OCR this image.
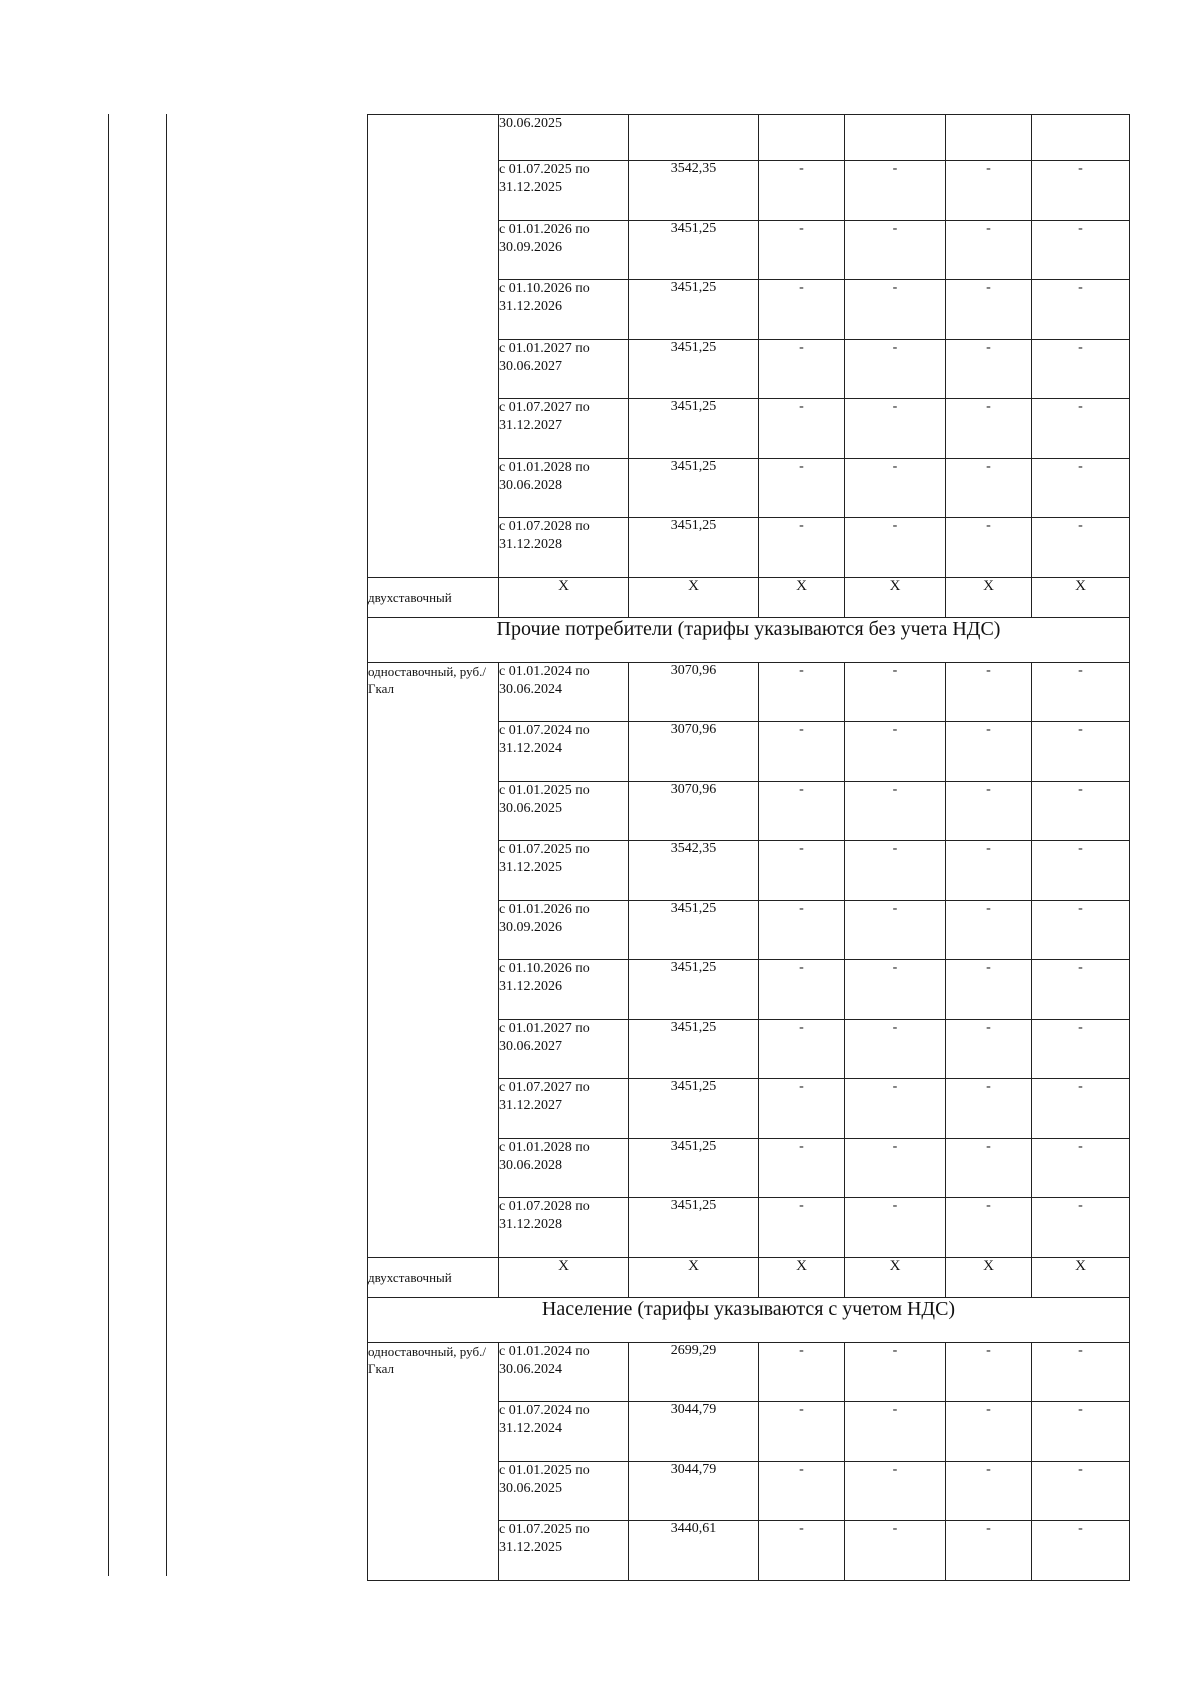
	30.06.2025					

с 01.07.2025 по
31.12.2025	3542,35	-	-	-	-

с 01.01.2026 по
30.09.2026	3451,25	-	-	-	-

с 01.10.2026 по
31.12.2026	3451,25	-	-	-	-

с 01.01.2027 по
30.06.2027	3451,25	-	-	-	-

с 01.07.2027 по
31.12.2027	3451,25	-	-	-	-

с 01.01.2028 по
30.06.2028	3451,25	-	-	-	-

с 01.07.2028 по
31.12.2028	3451,25	-	-	-	-
двухставочный	X	X	X	X	X	X
Прочие потребители (тарифы указываются без учета НДС)						
одноставочный, руб./Гкал	с 01.01.2024 по
30.06.2024	3070,96	-	-	-	-

с 01.07.2024 по
31.12.2024	3070,96	-	-	-	-

с 01.01.2025 по
30.06.2025	3070,96	-	-	-	-

с 01.07.2025 по
31.12.2025	3542,35	-	-	-	-

с 01.01.2026 по
30.09.2026	3451,25	-	-	-	-

с 01.10.2026 по
31.12.2026	3451,25	-	-	-	-

с 01.01.2027 по
30.06.2027	3451,25	-	-	-	-

с 01.07.2027 по
31.12.2027	3451,25	-	-	-	-

с 01.01.2028 по
30.06.2028	3451,25	-	-	-	-

с 01.07.2028 по
31.12.2028	3451,25	-	-	-	-
двухставочный	X	X	X	X	X	X
Население (тарифы указываются с учетом НДС)						
одноставочный, руб./Гкал	с 01.01.2024 по
30.06.2024	2699,29	-	-	-	-

с 01.07.2024 по
31.12.2024	3044,79	-	-	-	-

с 01.01.2025 по
30.06.2025	3044,79	-	-	-	-

с 01.07.2025 по
31.12.2025	3440,61	-	-	-	-
